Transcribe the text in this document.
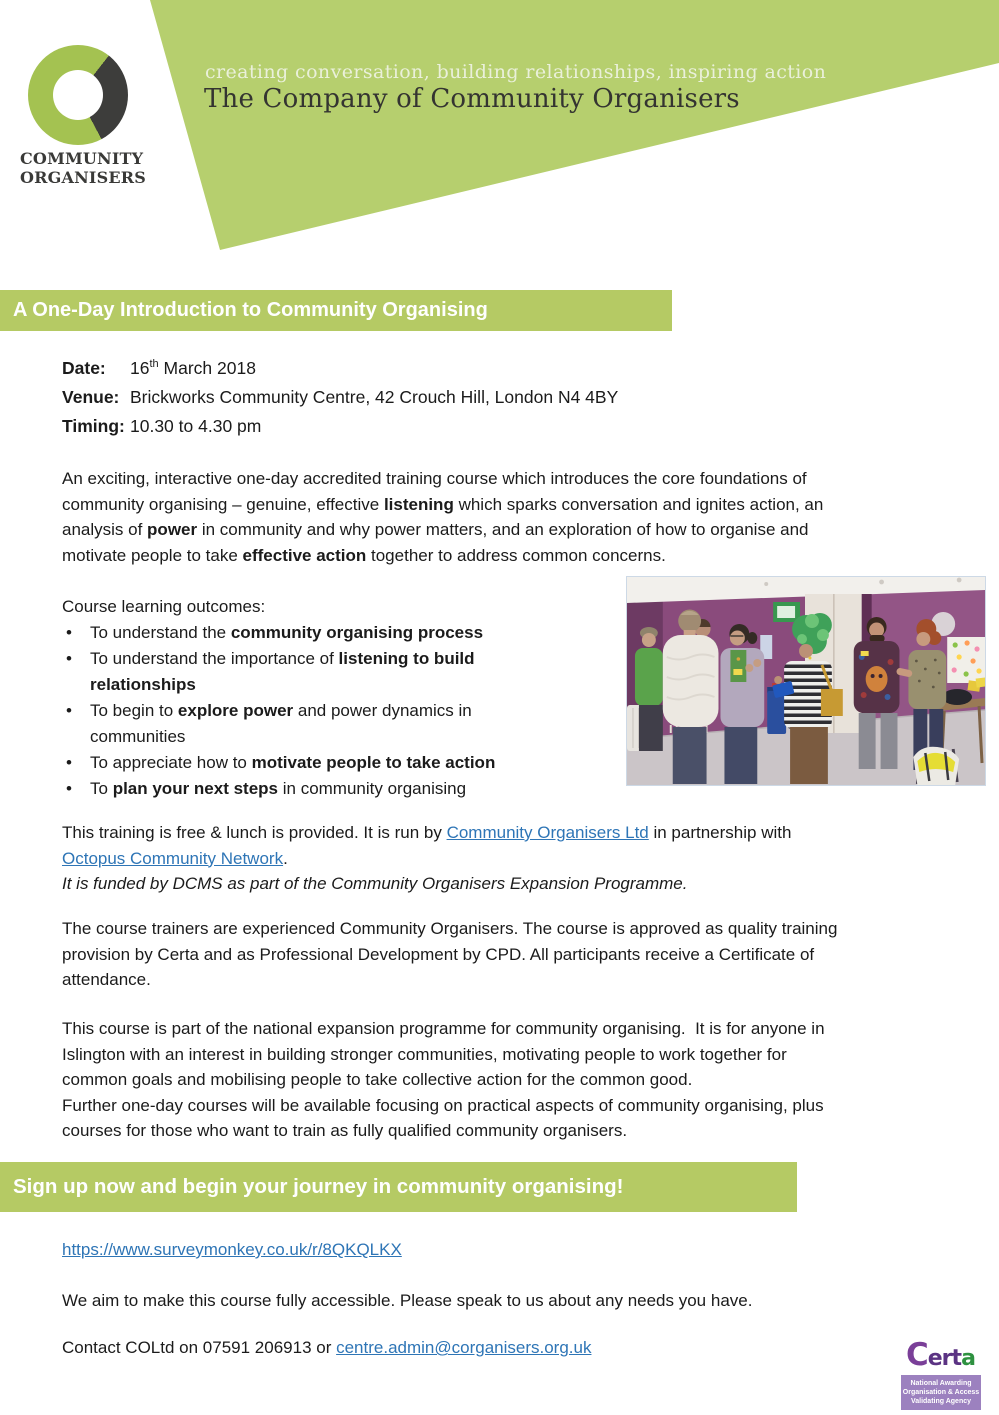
COMMUNITY
ORGANISERS
creating conversation, building relationships, inspiring action
The Company of Community Organisers
A One-Day Introduction to Community Organising
Date:	16th March 2018
Venue: Brickworks Community Centre, 42 Crouch Hill, London N4 4BY
Timing: 10.30 to 4.30 pm
An exciting, interactive one-day accredited training course which introduces the core foundations of
community organising – genuine, effective listening which sparks conversation and ignites action, an
analysis of power in community and why power matters, and an exploration of how to organise and
motivate people to take effective action together to address common concerns.
Course learning outcomes:
• To understand the community organising process
• To understand the importance of listening to build
relationships
• To begin to explore power and power dynamics in
communities
• To appreciate how to motivate people to take action
• To plan your next steps in community organising
This training is free & lunch is provided. It is run by Community Organisers Ltd in partnership with
Octopus Community Network.
It is funded by DCMS as part of the Community Organisers Expansion Programme.
The course trainers are experienced Community Organisers. The course is approved as quality training
provision by Certa and as Professional Development by CPD. All participants receive a Certificate of
attendance.
This course is part of the national expansion programme for community organising.  It is for anyone in
Islington with an interest in building stronger communities, motivating people to work together for
common goals and mobilising people to take collective action for the common good.
Further one-day courses will be available focusing on practical aspects of community organising, plus
courses for those who want to train as fully qualified community organisers.
Sign up now and begin your journey in community organising!
https://www.surveymonkey.co.uk/r/8QKQLKX
We aim to make this course fully accessible. Please speak to us about any needs you have.
Contact COLtd on 07591 206913 or centre.admin@corganisers.org.uk	Certa
National Awarding
Organisation & Access
Validating Agency
